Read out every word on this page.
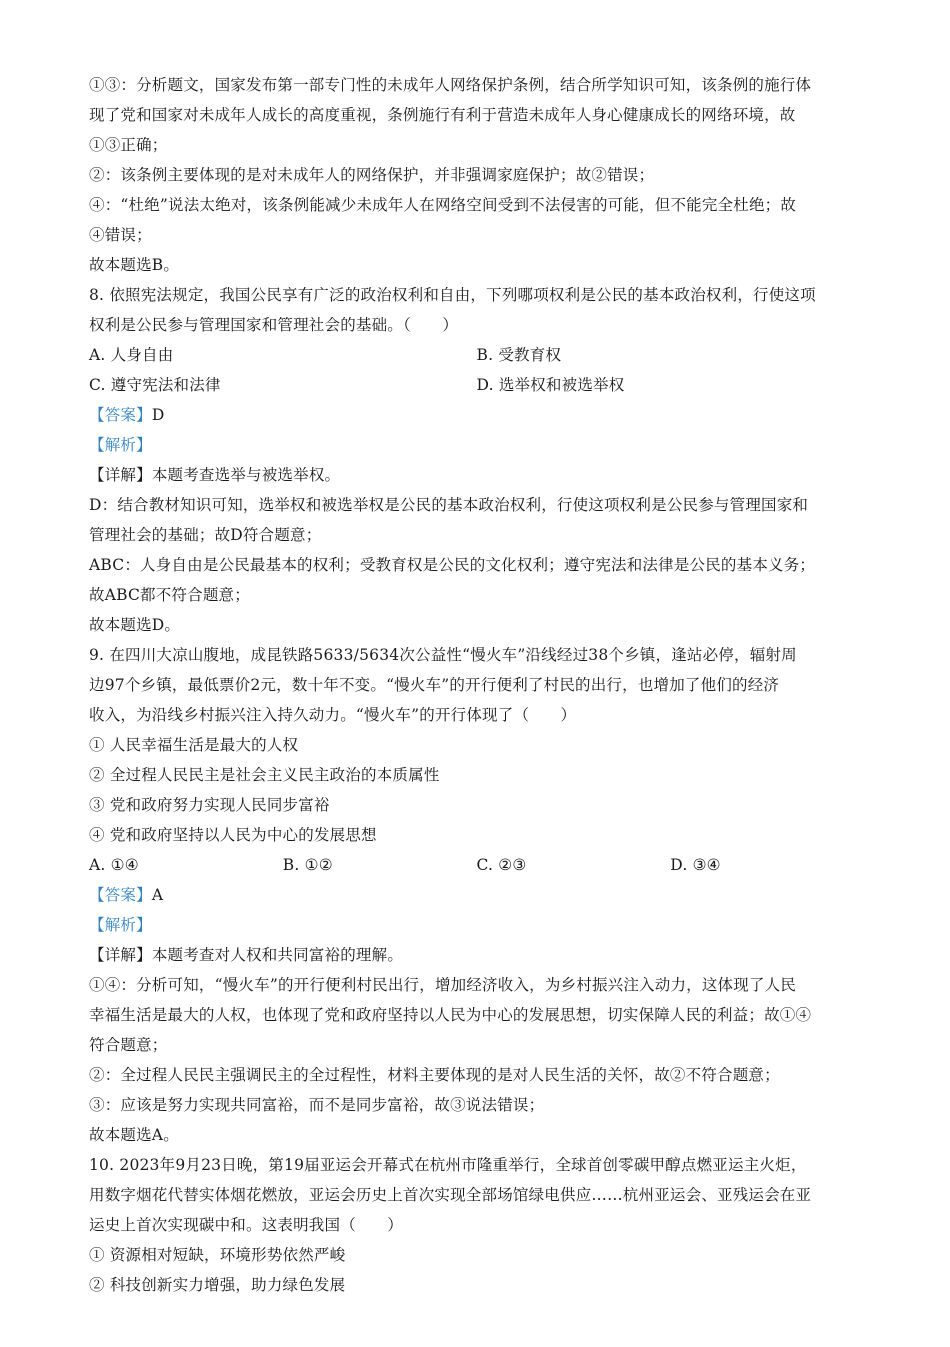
①③：分析题文，国家发布第一部专门性的未成年人网络保护条例，结合所学知识可知，该条例的施行体
现了党和国家对未成年人成长的高度重视，条例施行有利于营造未成年人身心健康成长的网络环境，故
①③正确；
②：该条例主要体现的是对未成年人的网络保护，并非强调家庭保护；故②错误；
④：“杜绝”说法太绝对，该条例能减少未成年人在网络空间受到不法侵害的可能，但不能完全杜绝；故
④错误；
故本题选B。
8. 依照宪法规定，我国公民享有广泛的政治权利和自由，下列哪项权利是公民的基本政治权利，行使这项
权利是公民参与管理国家和管理社会的基础。（　　）
A. 人身自由	B. 受教育权
C. 遵守宪法和法律	D. 选举权和被选举权
【答案】D
【解析】
【详解】本题考查选举与被选举权。
D：结合教材知识可知，选举权和被选举权是公民的基本政治权利，行使这项权利是公民参与管理国家和
管理社会的基础；故D符合题意；
ABC：人身自由是公民最基本的权利；受教育权是公民的文化权利；遵守宪法和法律是公民的基本义务；
故ABC都不符合题意；
故本题选D。
9. 在四川大凉山腹地，成昆铁路5633/5634次公益性“慢火车”沿线经过38个乡镇，逢站必停，辐射周
边97个乡镇，最低票价2元，数十年不变。“慢火车”的开行便利了村民的出行，也增加了他们的经济
收入，为沿线乡村振兴注入持久动力。“慢火车”的开行体现了（　　）
① 人民幸福生活是最大的人权
② 全过程人民民主是社会主义民主政治的本质属性
③ 党和政府努力实现人民同步富裕
④ 党和政府坚持以人民为中心的发展思想
A. ①④	B. ①②	C. ②③	D. ③④
【答案】A
【解析】
【详解】本题考查对人权和共同富裕的理解。
①④：分析可知，“慢火车”的开行便利村民出行，增加经济收入，为乡村振兴注入动力，这体现了人民
幸福生活是最大的人权，也体现了党和政府坚持以人民为中心的发展思想，切实保障人民的利益；故①④
符合题意；
②：全过程人民民主强调民主的全过程性，材料主要体现的是对人民生活的关怀，故②不符合题意；
③：应该是努力实现共同富裕，而不是同步富裕，故③说法错误；
故本题选A。
10. 2023年9月23日晚，第19届亚运会开幕式在杭州市隆重举行，全球首创零碳甲醇点燃亚运主火炬，
用数字烟花代替实体烟花燃放，亚运会历史上首次实现全部场馆绿电供应……杭州亚运会、亚残运会在亚
运史上首次实现碳中和。这表明我国（　　）
① 资源相对短缺，环境形势依然严峻
② 科技创新实力增强，助力绿色发展
